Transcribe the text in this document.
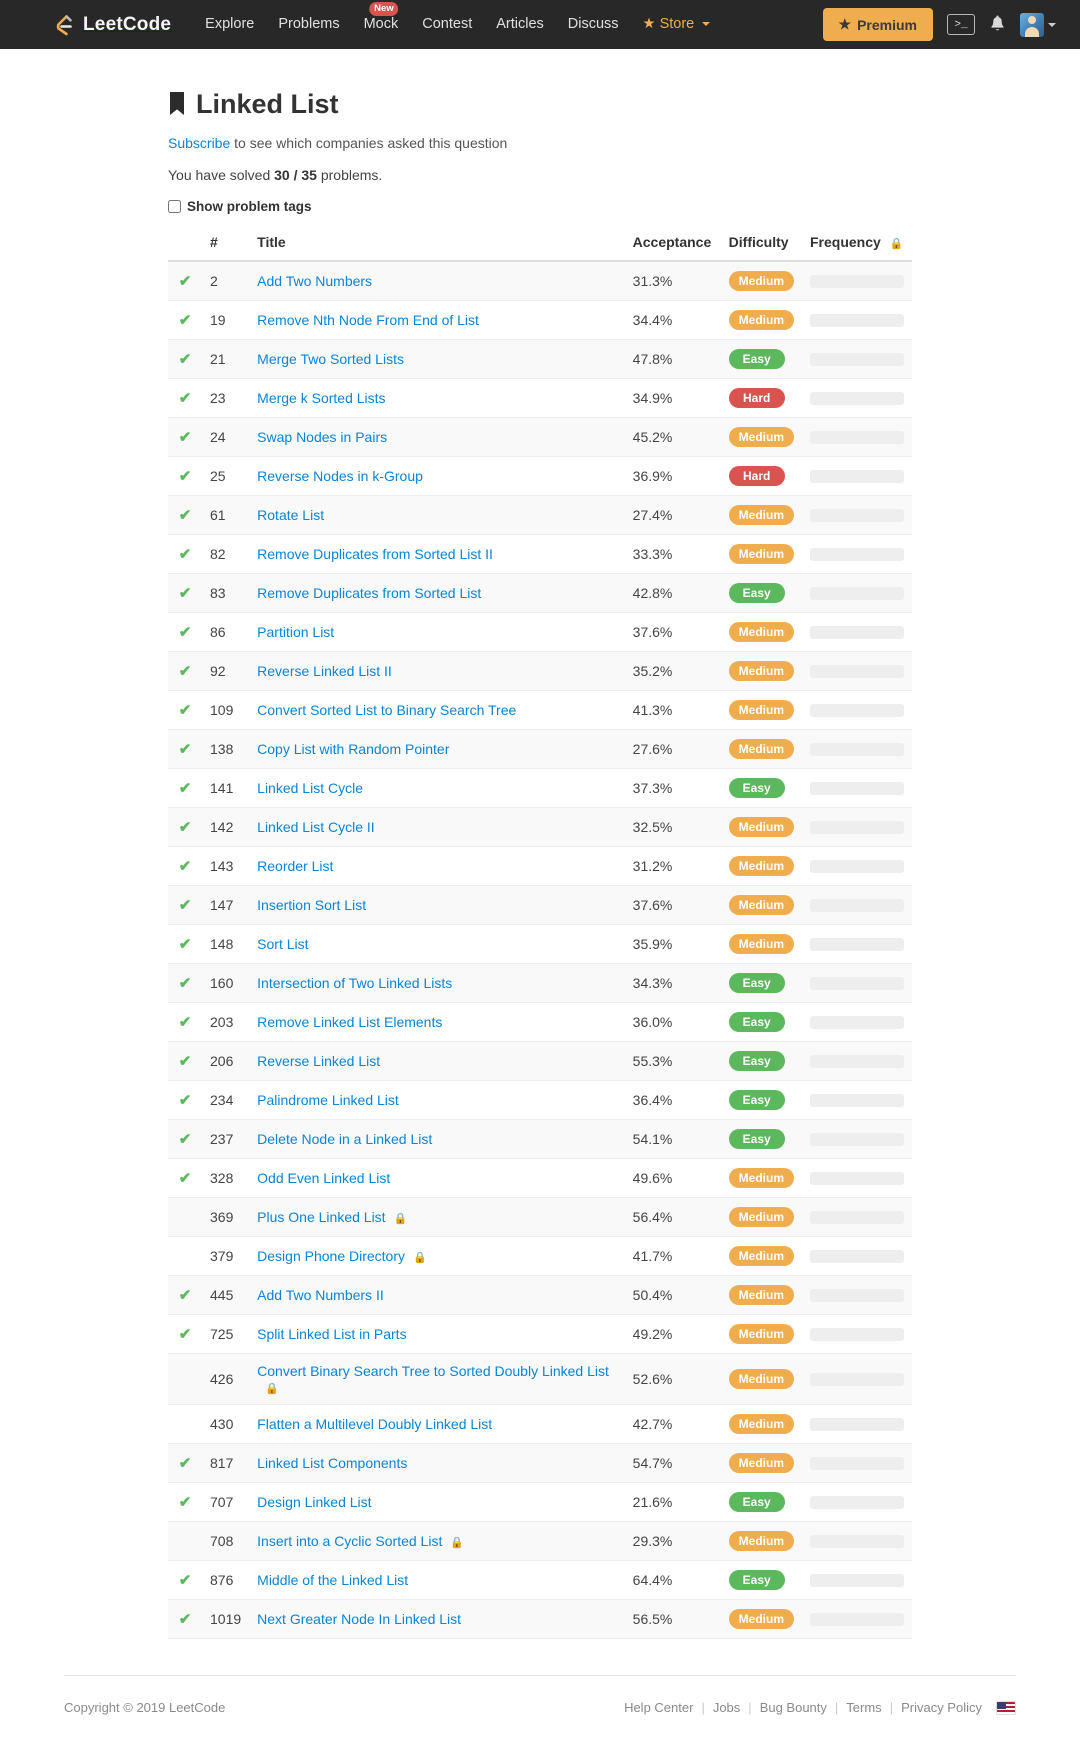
LeetCode	Explore	Problems
New
Mock	Contest	Articles	Discuss	★ Store	★ Premium	>_
Linked List
Subscribe to see which companies asked this question
You have solved 30 / 35 problems.
Show problem tags
	#	Title	Acceptance	Difficulty	Frequency 🔒
✔	2	Add Two Numbers	31.3%	Medium	

✔	19	Remove Nth Node From End of List	34.4%	Medium	

✔	21	Merge Two Sorted Lists	47.8%	Easy	

✔	23	Merge k Sorted Lists	34.9%	Hard	

✔	24	Swap Nodes in Pairs	45.2%	Medium	

✔	25	Reverse Nodes in k-Group	36.9%	Hard	

✔	61	Rotate List	27.4%	Medium	

✔	82	Remove Duplicates from Sorted List II	33.3%	Medium	

✔	83	Remove Duplicates from Sorted List	42.8%	Easy	

✔	86	Partition List	37.6%	Medium	

✔	92	Reverse Linked List II	35.2%	Medium	

✔	109	Convert Sorted List to Binary Search Tree	41.3%	Medium	

✔	138	Copy List with Random Pointer	27.6%	Medium	

✔	141	Linked List Cycle	37.3%	Easy	

✔	142	Linked List Cycle II	32.5%	Medium	

✔	143	Reorder List	31.2%	Medium	

✔	147	Insertion Sort List	37.6%	Medium	

✔	148	Sort List	35.9%	Medium	

✔	160	Intersection of Two Linked Lists	34.3%	Easy	

✔	203	Remove Linked List Elements	36.0%	Easy	

✔	206	Reverse Linked List	55.3%	Easy	

✔	234	Palindrome Linked List	36.4%	Easy	

✔	237	Delete Node in a Linked List	54.1%	Easy	

✔	328	Odd Even Linked List	49.6%	Medium	

	369	Plus One Linked List 🔒	56.4%	Medium	

	379	Design Phone Directory 🔒	41.7%	Medium	

✔	445	Add Two Numbers II	50.4%	Medium	

✔	725	Split Linked List in Parts	49.2%	Medium	

	426	Convert Binary Search Tree to Sorted Doubly Linked List🔒	52.6%	Medium	

	430	Flatten a Multilevel Doubly Linked List	42.7%	Medium	

✔	817	Linked List Components	54.7%	Medium	

✔	707	Design Linked List	21.6%	Easy	

	708	Insert into a Cyclic Sorted List 🔒	29.3%	Medium	

✔	876	Middle of the Linked List	64.4%	Easy	

✔	1019	Next Greater Node In Linked List	56.5%	Medium	
Copyright © 2019 LeetCode	Help Center | Jobs | Bug Bounty | Terms | Privacy Policy
